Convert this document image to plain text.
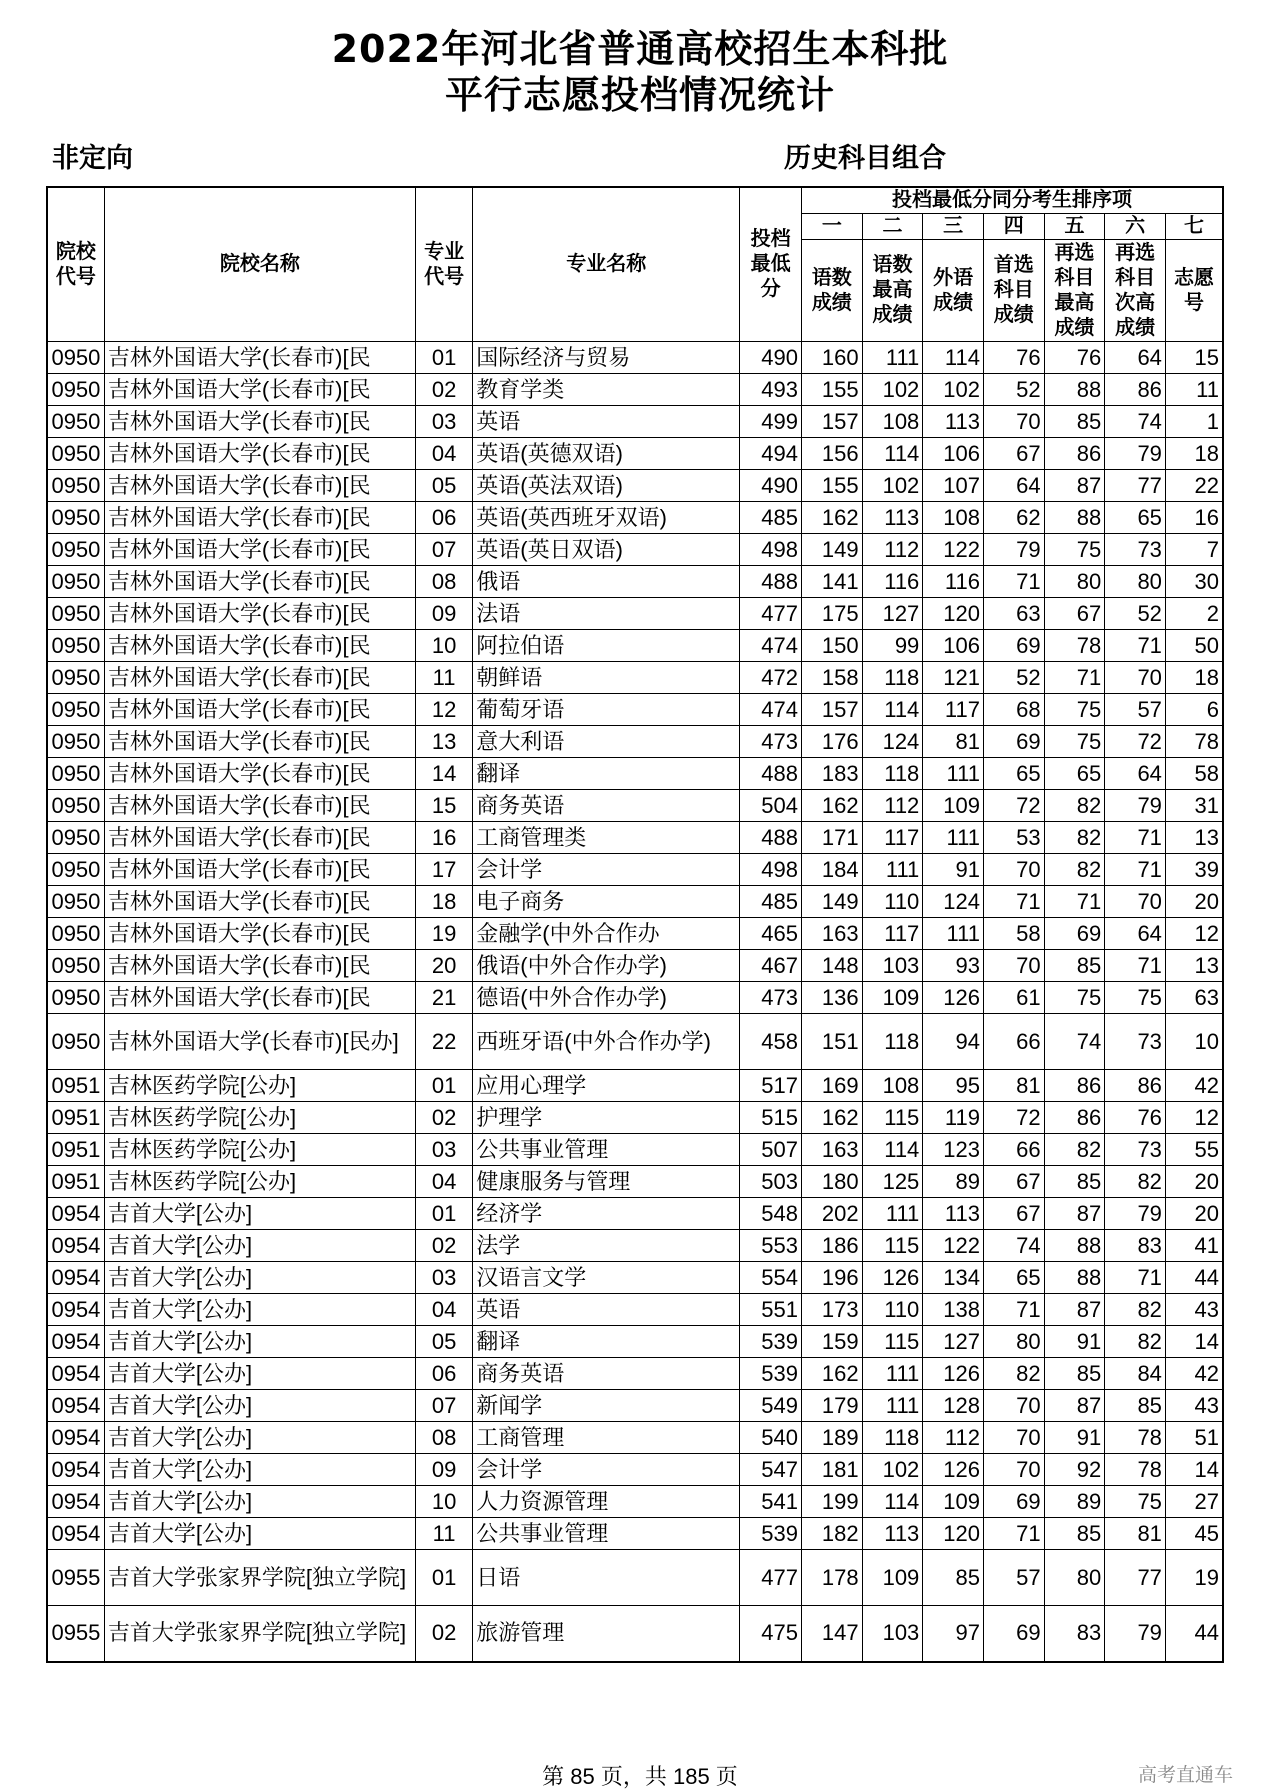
2022年河北省普通高校招生本科批
平行志愿投档情况统计
非定向	历史科目组合
院校代号	院校名称	专业代号	专业名称	投档最低分	投档最低分同分考生排序项						
					一	二	三	四	五	六	七
					语数成绩	语数最高成绩	外语成绩	首选科目成绩	再选科目最高成绩	再选科目次高成绩	志愿号
0950	吉林外国语大学(长春市)[民	01	国际经济与贸易	490	160	111	114	76	76	64	15
0950	吉林外国语大学(长春市)[民	02	教育学类	493	155	102	102	52	88	86	11
0950	吉林外国语大学(长春市)[民	03	英语	499	157	108	113	70	85	74	1
0950	吉林外国语大学(长春市)[民	04	英语(英德双语)	494	156	114	106	67	86	79	18
0950	吉林外国语大学(长春市)[民	05	英语(英法双语)	490	155	102	107	64	87	77	22
0950	吉林外国语大学(长春市)[民	06	英语(英西班牙双语)	485	162	113	108	62	88	65	16
0950	吉林外国语大学(长春市)[民	07	英语(英日双语)	498	149	112	122	79	75	73	7
0950	吉林外国语大学(长春市)[民	08	俄语	488	141	116	116	71	80	80	30
0950	吉林外国语大学(长春市)[民	09	法语	477	175	127	120	63	67	52	2
0950	吉林外国语大学(长春市)[民	10	阿拉伯语	474	150	99	106	69	78	71	50
0950	吉林外国语大学(长春市)[民	11	朝鲜语	472	158	118	121	52	71	70	18
0950	吉林外国语大学(长春市)[民	12	葡萄牙语	474	157	114	117	68	75	57	6
0950	吉林外国语大学(长春市)[民	13	意大利语	473	176	124	81	69	75	72	78
0950	吉林外国语大学(长春市)[民	14	翻译	488	183	118	111	65	65	64	58
0950	吉林外国语大学(长春市)[民	15	商务英语	504	162	112	109	72	82	79	31
0950	吉林外国语大学(长春市)[民	16	工商管理类	488	171	117	111	53	82	71	13
0950	吉林外国语大学(长春市)[民	17	会计学	498	184	111	91	70	82	71	39
0950	吉林外国语大学(长春市)[民	18	电子商务	485	149	110	124	71	71	70	20
0950	吉林外国语大学(长春市)[民	19	金融学(中外合作办	465	163	117	111	58	69	64	12
0950	吉林外国语大学(长春市)[民	20	俄语(中外合作办学)	467	148	103	93	70	85	71	13
0950	吉林外国语大学(长春市)[民	21	德语(中外合作办学)	473	136	109	126	61	75	75	63
0950	吉林外国语大学(长春市)[民办]	22	西班牙语(中外合作办学)	458	151	118	94	66	74	73	10
0951	吉林医药学院[公办]	01	应用心理学	517	169	108	95	81	86	86	42
0951	吉林医药学院[公办]	02	护理学	515	162	115	119	72	86	76	12
0951	吉林医药学院[公办]	03	公共事业管理	507	163	114	123	66	82	73	55
0951	吉林医药学院[公办]	04	健康服务与管理	503	180	125	89	67	85	82	20
0954	吉首大学[公办]	01	经济学	548	202	111	113	67	87	79	20
0954	吉首大学[公办]	02	法学	553	186	115	122	74	88	83	41
0954	吉首大学[公办]	03	汉语言文学	554	196	126	134	65	88	71	44
0954	吉首大学[公办]	04	英语	551	173	110	138	71	87	82	43
0954	吉首大学[公办]	05	翻译	539	159	115	127	80	91	82	14
0954	吉首大学[公办]	06	商务英语	539	162	111	126	82	85	84	42
0954	吉首大学[公办]	07	新闻学	549	179	111	128	70	87	85	43
0954	吉首大学[公办]	08	工商管理	540	189	118	112	70	91	78	51
0954	吉首大学[公办]	09	会计学	547	181	102	126	70	92	78	14
0954	吉首大学[公办]	10	人力资源管理	541	199	114	109	69	89	75	27
0954	吉首大学[公办]	11	公共事业管理	539	182	113	120	71	85	81	45
0955	吉首大学张家界学院[独立学院]	01	日语	477	178	109	85	57	80	77	19
0955	吉首大学张家界学院[独立学院]	02	旅游管理	475	147	103	97	69	83	79	44
第 85 页，共 185 页	高考直通车
